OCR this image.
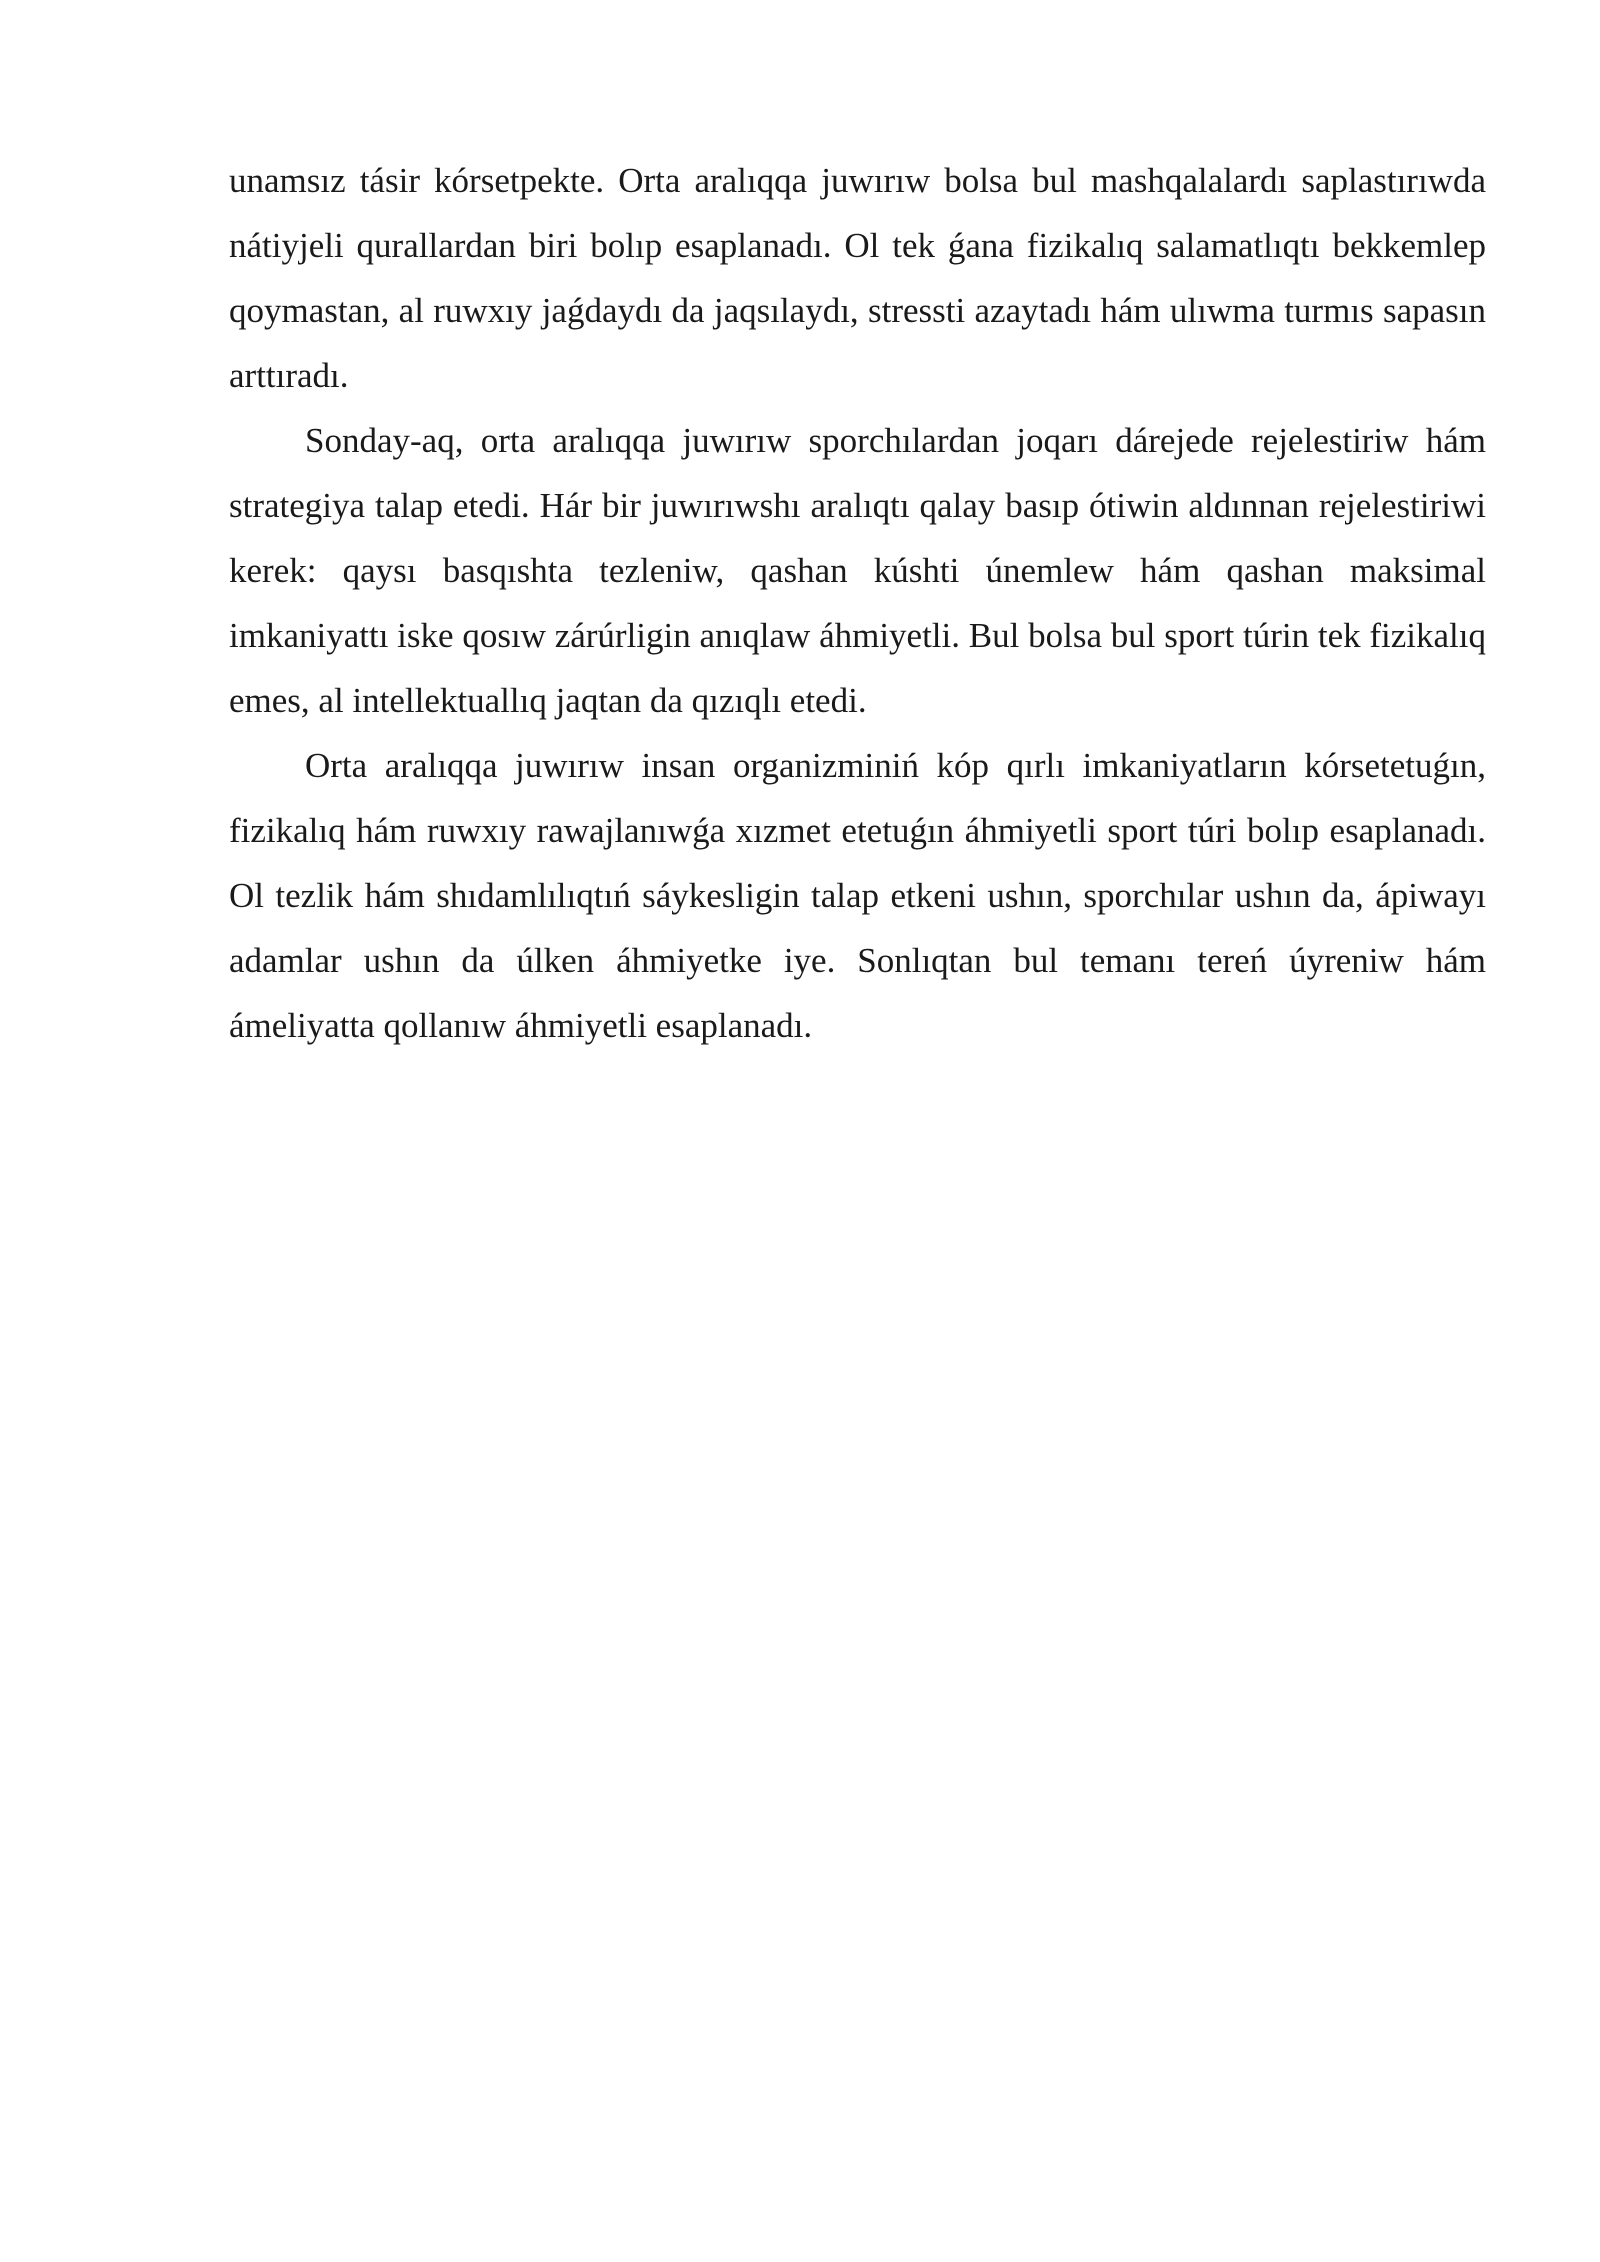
unamsız tásir kórsetpekte. Orta aralıqqa juwırıw bolsa bul mashqalalardı saplastırıwda nátiyjeli qurallardan biri bolıp esaplanadı. Ol tek ǵana fizikalıq salamatlıqtı bekkemlep qoymastan, al ruwxıy jaǵdaydı da jaqsılaydı, stressti azaytadı hám ulıwma turmıs sapasın arttıradı.

Sonday-aq, orta aralıqqa juwırıw sporchılardan joqarı dárejede rejelestiriw hám strategiya talap etedi. Hár bir juwırıwshı aralıqtı qalay basıp ótiwin aldınnan rejelestiriwi kerek: qaysı basqıshta tezleniw, qashan kúshti únemlew hám qashan maksimal imkaniyattı iske qosıw zárúrligin anıqlaw áhmiyetli. Bul bolsa bul sport túrin tek fizikalıq emes, al intellektuallıq jaqtan da qızıqlı etedi.

Orta aralıqqa juwırıw insan organizminiń kóp qırlı imkaniyatların kórsetetuǵın, fizikalıq hám ruwxıy rawajlanıwǵa xızmet etetuǵın áhmiyetli sport túri bolıp esaplanadı. Ol tezlik hám shıdamlılıqtıń sáykesligin talap etkeni ushın, sporchılar ushın da, ápiwayı adamlar ushın da úlken áhmiyetke iye. Sonlıqtan bul temanı tereń úyreniw hám ámeliyatta qollanıw áhmiyetli esaplanadı.
